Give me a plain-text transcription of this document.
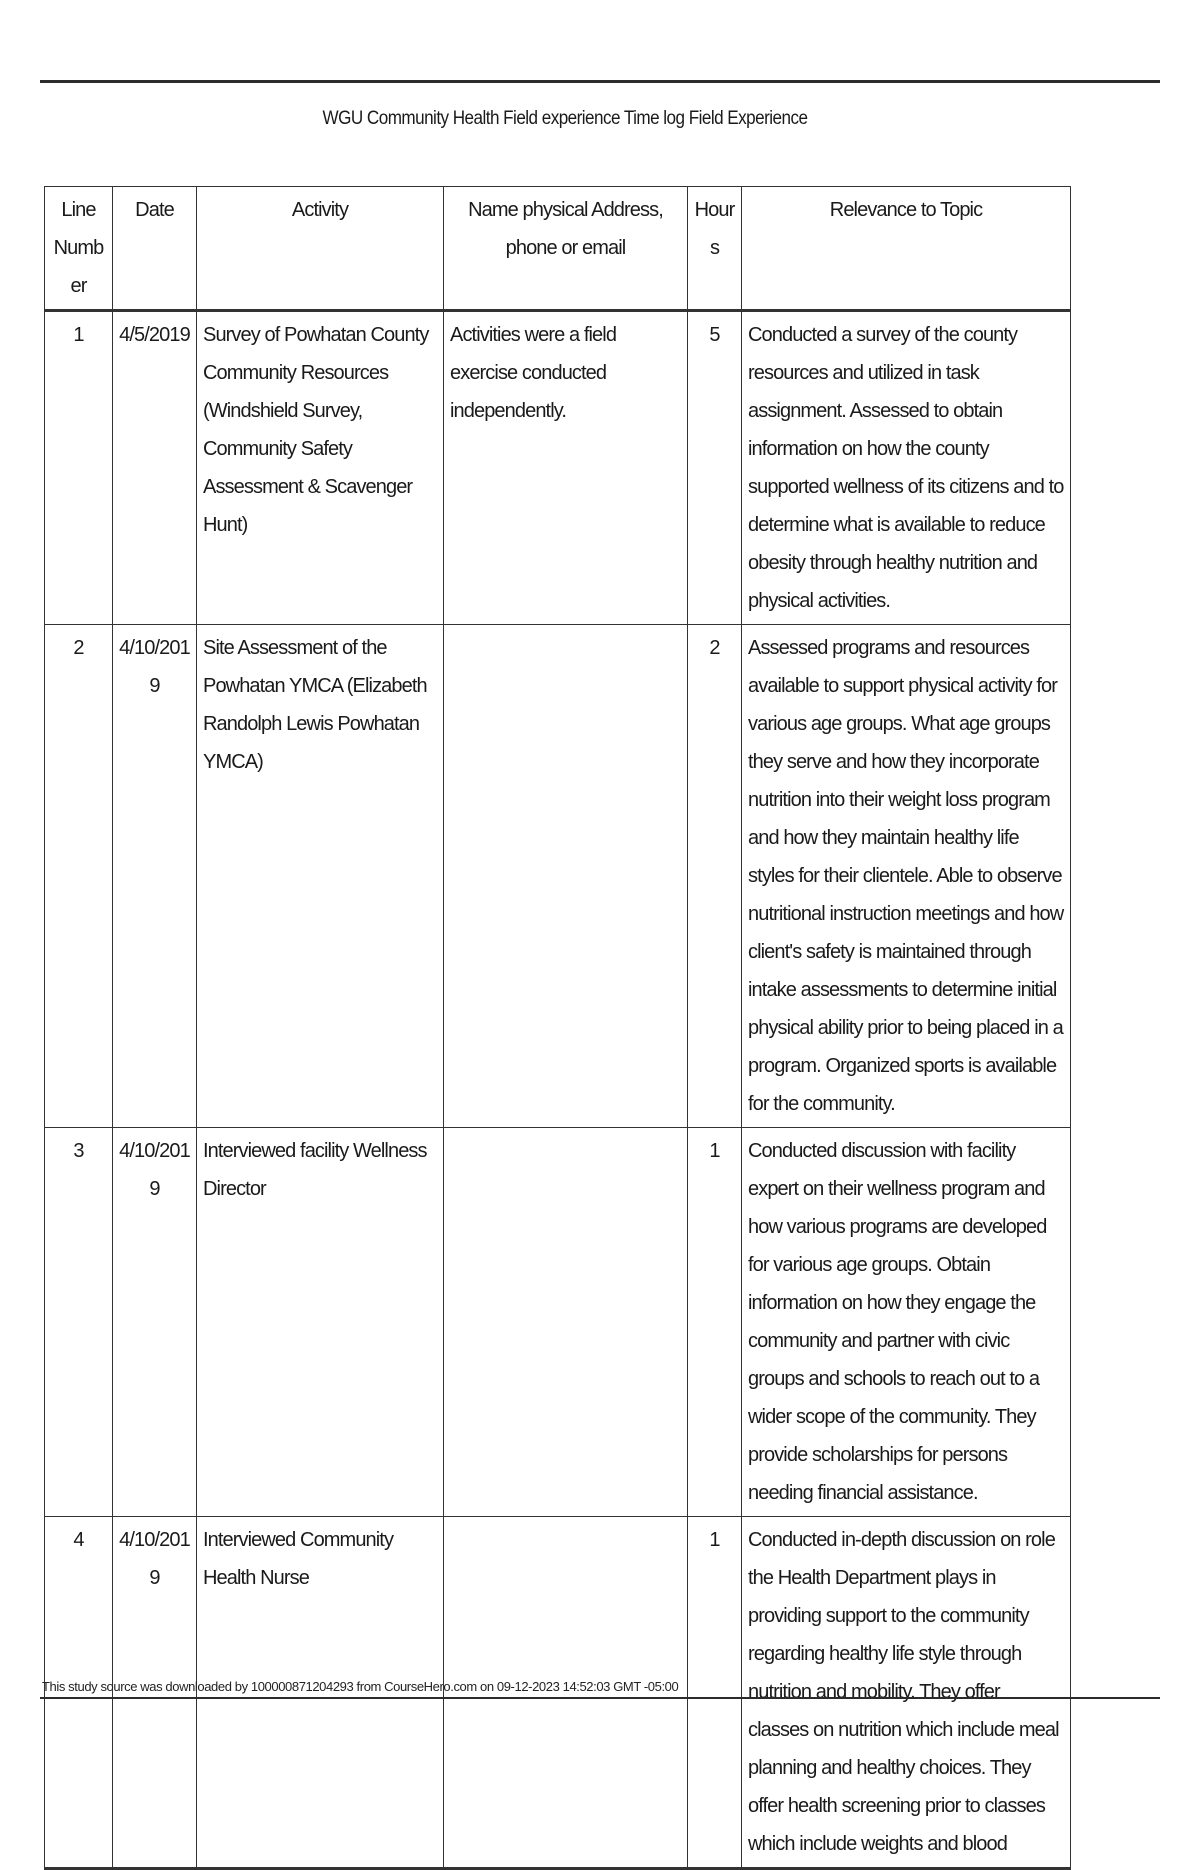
WGU Community Health Field experience Time log Field Experience
Line Number	Date	Activity	Name physical Address, phone or email	Hours	Relevance to Topic
1	4/5/2019	Survey of Powhatan County Community Resources (Windshield Survey, Community Safety Assessment & Scavenger Hunt)	Activities were a field exercise conducted independently.	5	Conducted a survey of the county resources and utilized in task assignment. Assessed to obtain information on how the county supported wellness of its citizens and to determine what is available to reduce obesity through healthy nutrition and physical activities.
2	4/10/2019	Site Assessment of the Powhatan YMCA (Elizabeth Randolph Lewis Powhatan YMCA)		2	Assessed programs and resources available to support physical activity for various age groups. What age groups they serve and how they incorporate nutrition into their weight loss program and how they maintain healthy life styles for their clientele. Able to observe nutritional instruction meetings and how client's safety is maintained through intake assessments to determine initial physical ability prior to being placed in a program. Organized sports is available for the community.
3	4/10/2019	Interviewed facility Wellness Director		1	Conducted discussion with facility expert on their wellness program and how various programs are developed for various age groups. Obtain information on how they engage the community and partner with civic groups and schools to reach out to a wider scope of the community. They provide scholarships for persons needing financial assistance.
4	4/10/2019	Interviewed Community Health Nurse		1	Conducted in-depth discussion on role the Health Department plays in providing support to the community regarding healthy life style through nutrition and mobility. They offer classes on nutrition which include meal planning and healthy choices. They offer health screening prior to classes which include weights and blood
This study source was downloaded by 100000871204293 from CourseHero.com on 09-12-2023 14:52:03 GMT -05:00
